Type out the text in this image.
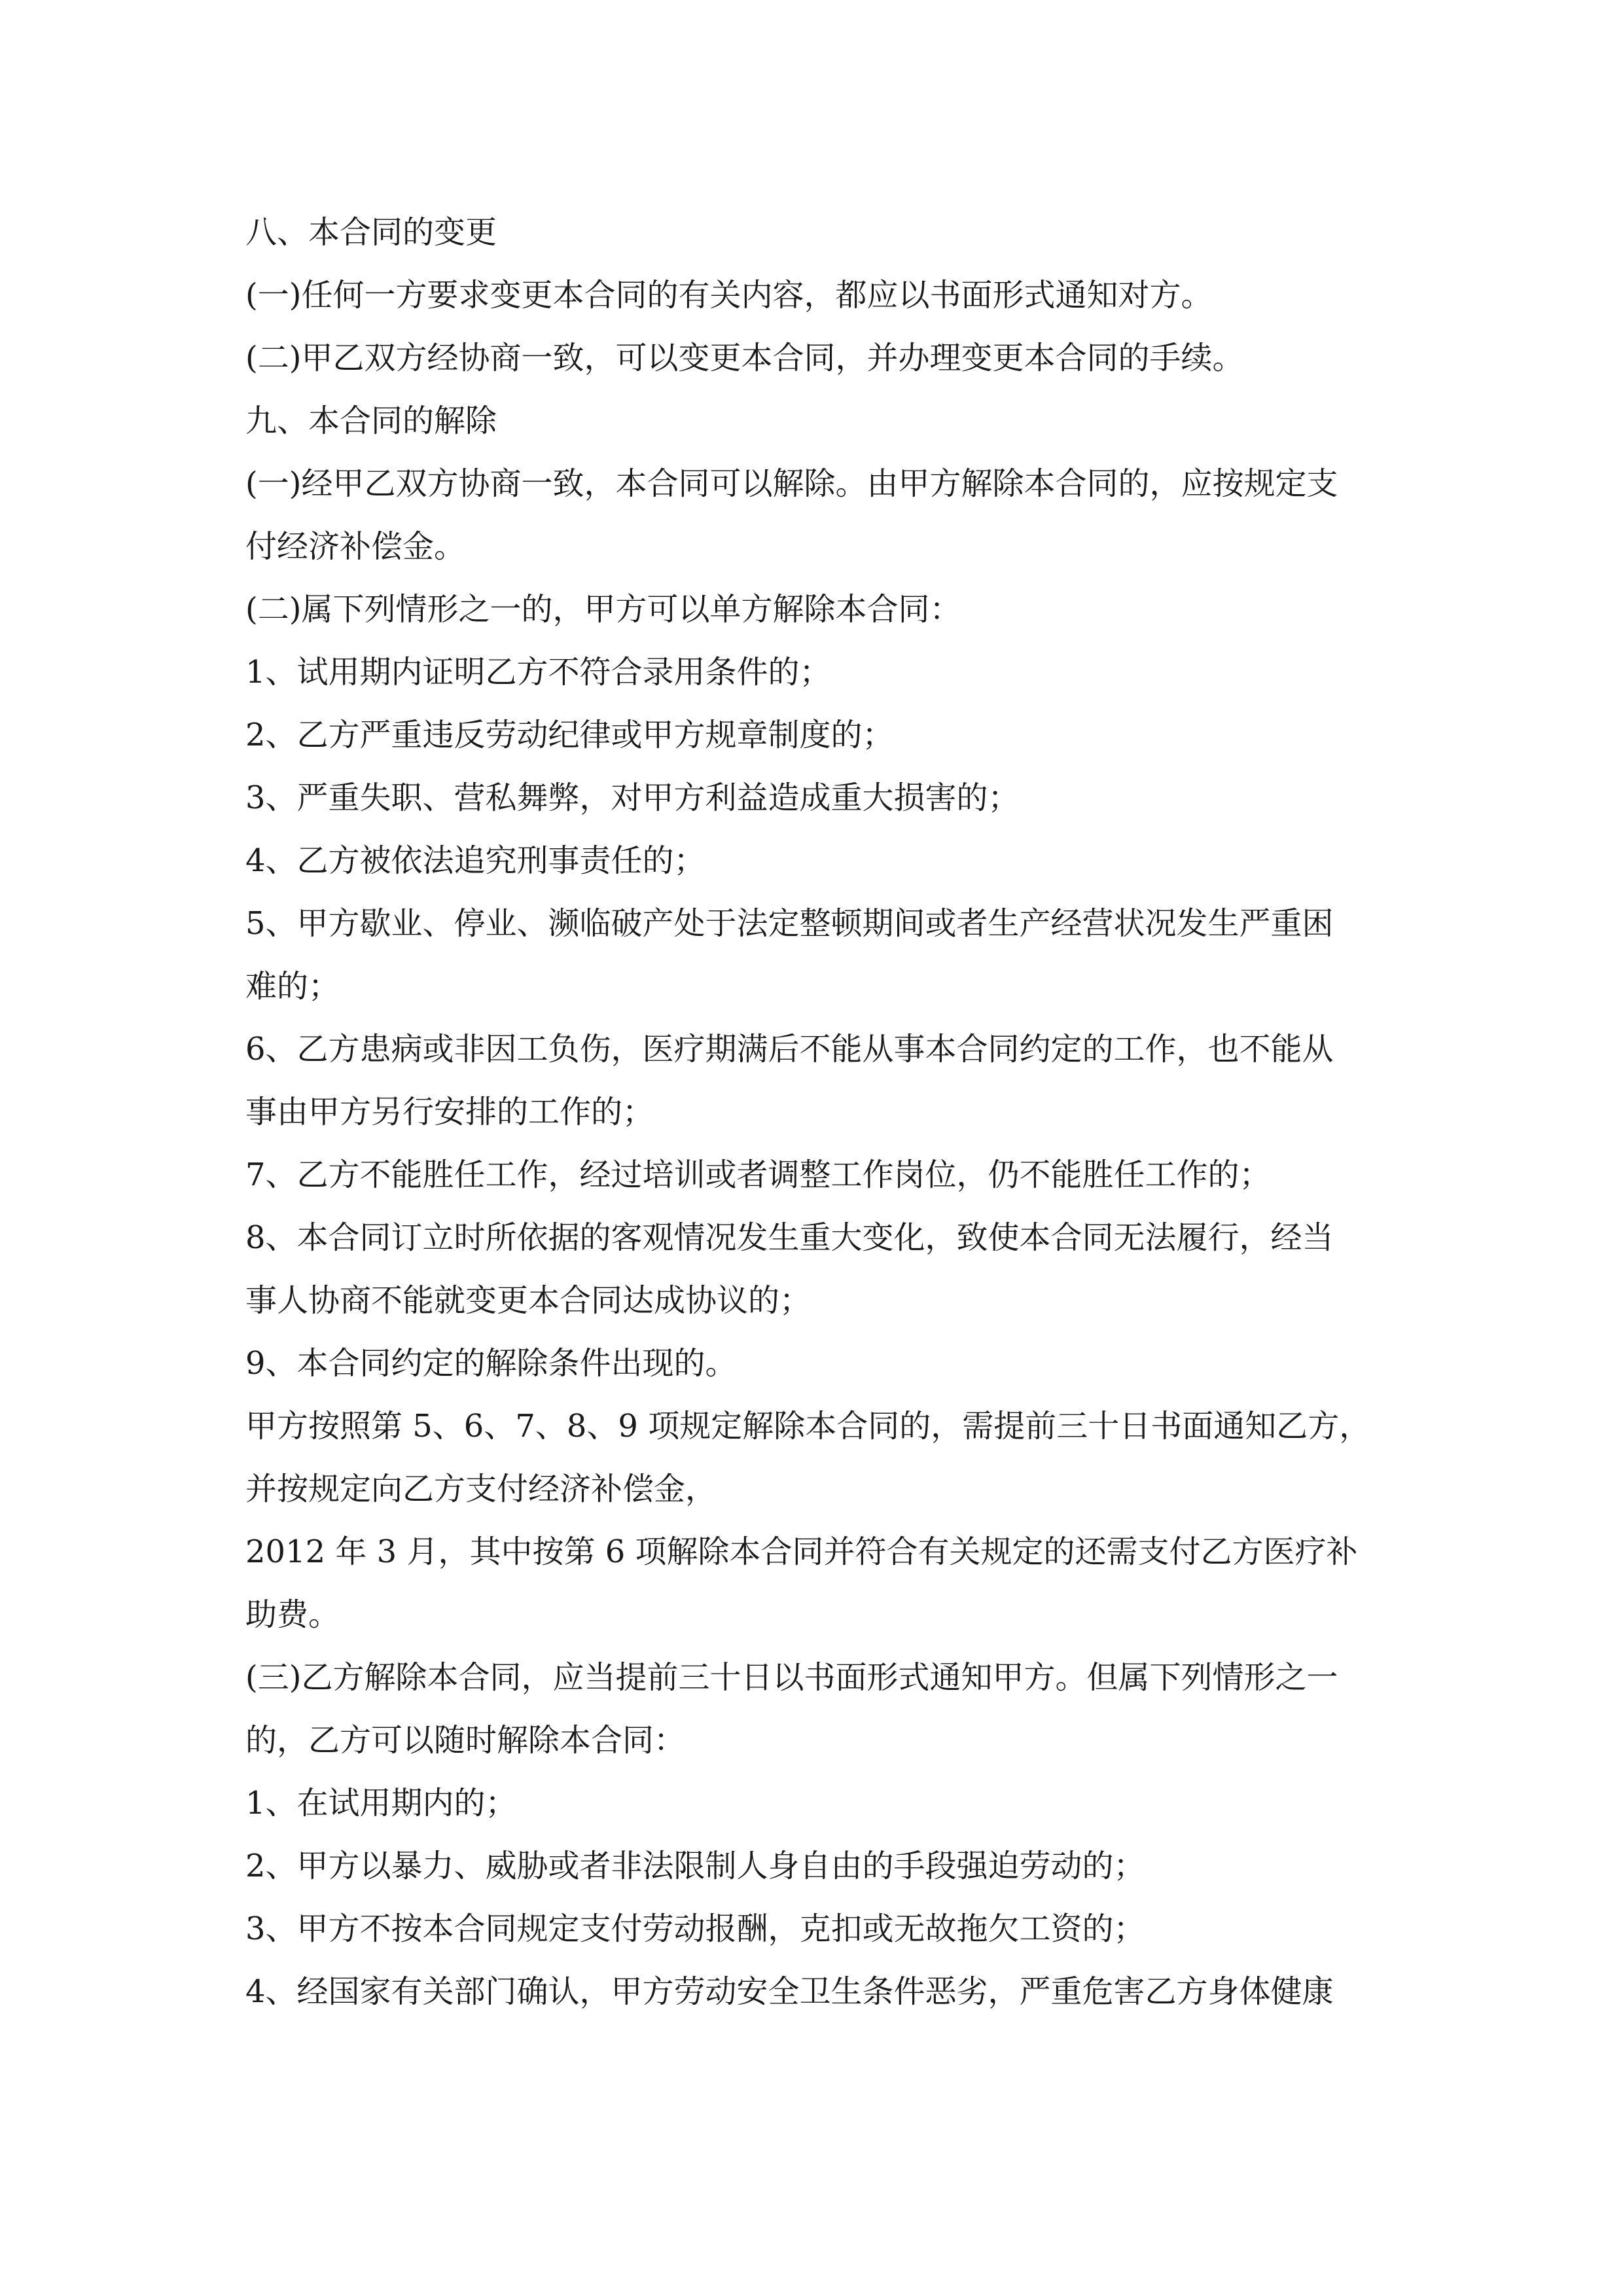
八、本合同的变更
(一)任何一方要求变更本合同的有关内容，都应以书面形式通知对方。
(二)甲乙双方经协商一致，可以变更本合同，并办理变更本合同的手续。
九、本合同的解除
(一)经甲乙双方协商一致，本合同可以解除。由甲方解除本合同的，应按规定支
付经济补偿金。
(二)属下列情形之一的，甲方可以单方解除本合同：
1、试用期内证明乙方不符合录用条件的；
2、乙方严重违反劳动纪律或甲方规章制度的；
3、严重失职、营私舞弊，对甲方利益造成重大损害的；
4、乙方被依法追究刑事责任的；
5、甲方歇业、停业、濒临破产处于法定整顿期间或者生产经营状况发生严重困
难的；
6、乙方患病或非因工负伤，医疗期满后不能从事本合同约定的工作，也不能从
事由甲方另行安排的工作的；
7、乙方不能胜任工作，经过培训或者调整工作岗位，仍不能胜任工作的；
8、本合同订立时所依据的客观情况发生重大变化，致使本合同无法履行，经当
事人协商不能就变更本合同达成协议的；
9、本合同约定的解除条件出现的。
甲方按照第 5、6、7、8、9 项规定解除本合同的，需提前三十日书面通知乙方，
并按规定向乙方支付经济补偿金，
2012 年 3 月，其中按第 6 项解除本合同并符合有关规定的还需支付乙方医疗补
助费。
(三)乙方解除本合同，应当提前三十日以书面形式通知甲方。但属下列情形之一
的，乙方可以随时解除本合同：
1、在试用期内的；
2、甲方以暴力、威胁或者非法限制人身自由的手段强迫劳动的；
3、甲方不按本合同规定支付劳动报酬，克扣或无故拖欠工资的；
4、经国家有关部门确认，甲方劳动安全卫生条件恶劣，严重危害乙方身体健康
